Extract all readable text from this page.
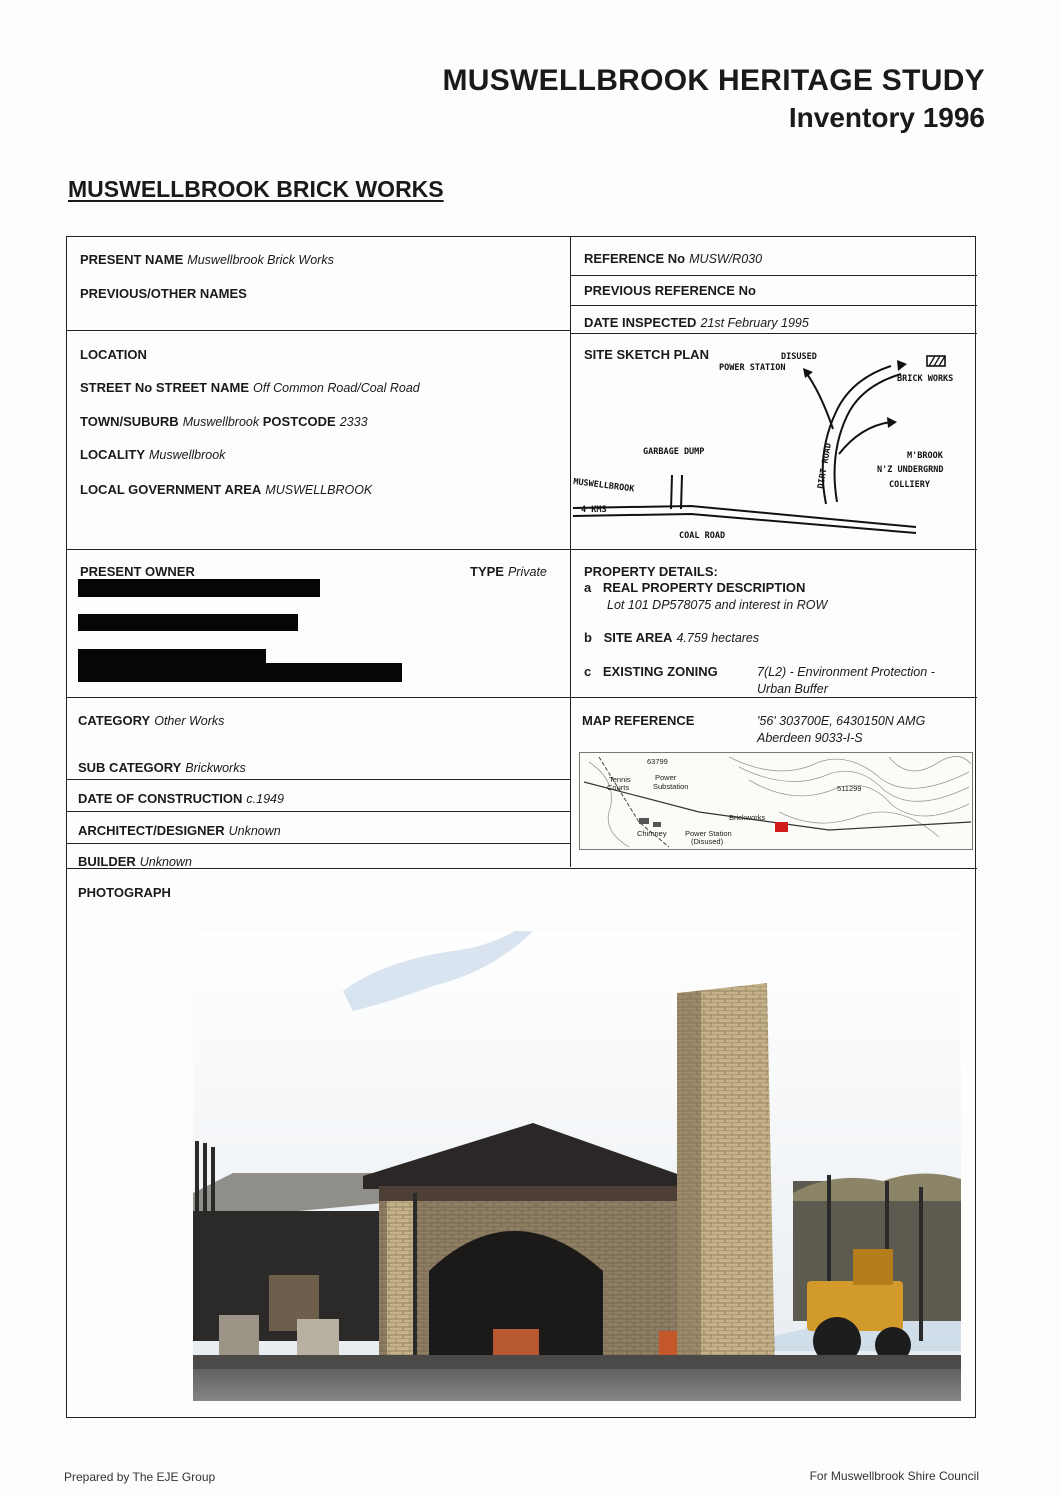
MUSWELLBROOK HERITAGE STUDY
Inventory 1996
MUSWELLBROOK BRICK WORKS
PRESENT NAME Muswellbrook Brick Works
PREVIOUS/OTHER NAMES
REFERENCE No MUSW/R030
PREVIOUS REFERENCE No
DATE INSPECTED 21st February 1995
LOCATION
STREET No STREET NAME Off Common Road/Coal Road
TOWN/SUBURB Muswellbrook POSTCODE 2333
LOCALITY Muswellbrook
LOCAL GOVERNMENT AREA MUSWELLBROOK
SITE SKETCH PLAN	DISUSED
POWER STATION
BRICK WORKS
GARBAGE DUMP	DIRT ROAD	M'BROOK
N'Z UNDERGRND
COLLIERY
MUSWELLBROOK
4 KMS
COAL ROAD
PRESENT OWNER	TYPE Private	PROPERTY DETAILS:
a REAL PROPERTY DESCRIPTION
Lot 101 DP578075 and interest in ROW
b SITE AREA 4.759 hectares
c EXISTING ZONING	7(L2) - Environment Protection -
Urban Buffer
CATEGORY Other Works
SUB CATEGORY Brickworks
DATE OF CONSTRUCTION c.1949
ARCHITECT/DESIGNER Unknown
BUILDER Unknown
MAP REFERENCE	'56' 303700E, 6430150N AMG
Aberdeen 9033-I-S
63799
Power
Substation
Tennis
Courts	511299
Brickworks
Chimney Power Station
(Disused)
PHOTOGRAPH
Prepared by The EJE Group	For Muswellbrook Shire Council
